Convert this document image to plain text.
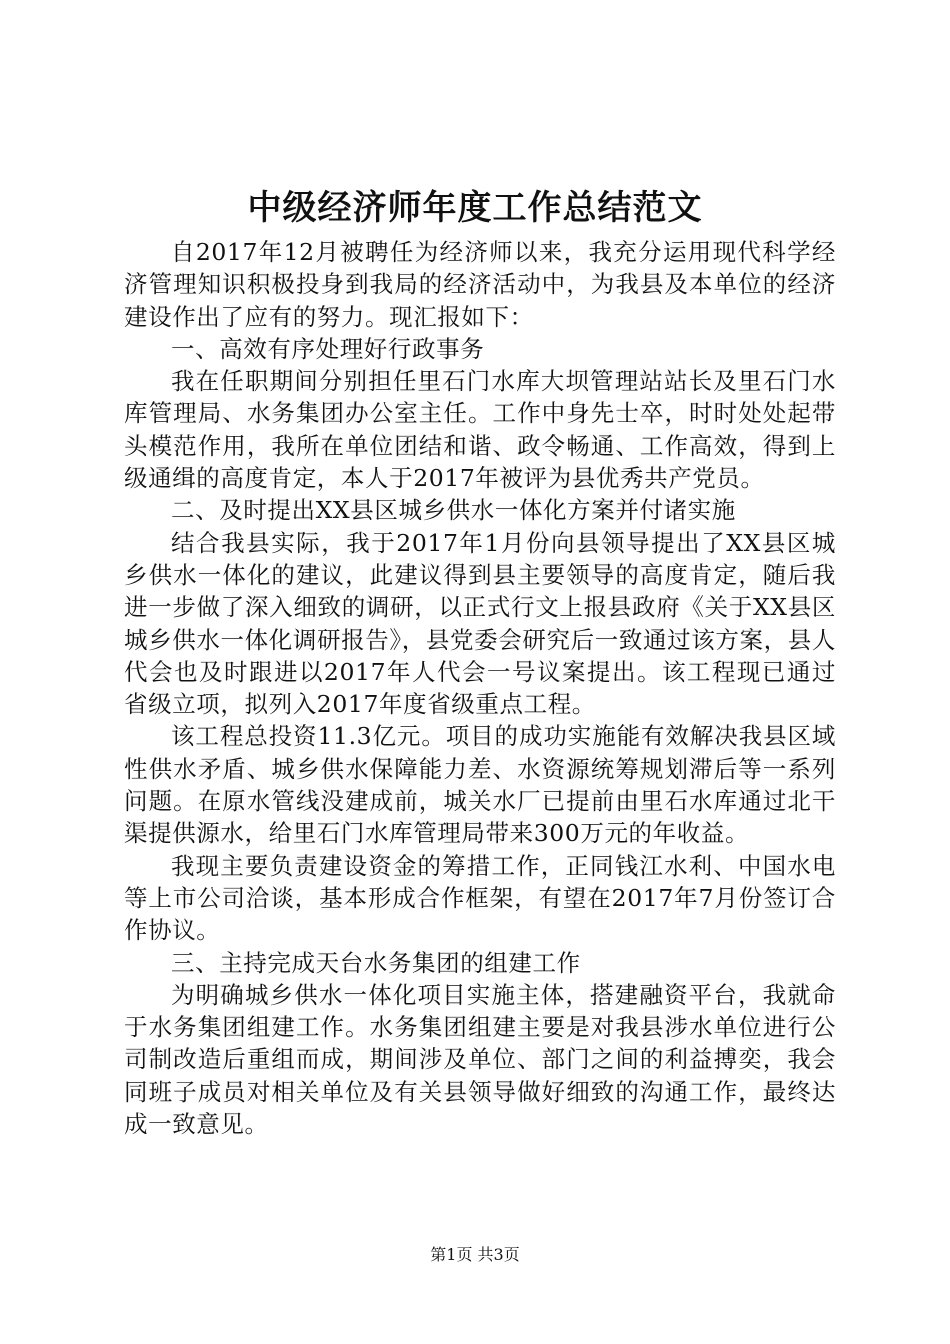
中级经济师年度工作总结范文

自2017年12月被聘任为经济师以来，我充分运用现代科学经济管理知识积极投身到我局的经济活动中，为我县及本单位的经济建设作出了应有的努力。现汇报如下：

一、高效有序处理好行政事务

我在任职期间分别担任里石门水库大坝管理站站长及里石门水库管理局、水务集团办公室主任。工作中身先士卒，时时处处起带头模范作用，我所在单位团结和谐、政令畅通、工作高效，得到上级通缉的高度肯定，本人于2017年被评为县优秀共产党员。

二、及时提出XX县区城乡供水一体化方案并付诸实施

结合我县实际，我于2017年1月份向县领导提出了XX县区城乡供水一体化的建议，此建议得到县主要领导的高度肯定，随后我进一步做了深入细致的调研，以正式行文上报县政府《关于XX县区城乡供水一体化调研报告》，县党委会研究后一致通过该方案，县人代会也及时跟进以2017年人代会一号议案提出。该工程现已通过省级立项，拟列入2017年度省级重点工程。

该工程总投资11.3亿元。项目的成功实施能有效解决我县区域性供水矛盾、城乡供水保障能力差、水资源统筹规划滞后等一系列问题。在原水管线没建成前，城关水厂已提前由里石水库通过北干渠提供源水，给里石门水库管理局带来300万元的年收益。

我现主要负责建设资金的筹措工作，正同钱江水利、中国水电等上市公司洽谈，基本形成合作框架，有望在2017年7月份签订合作协议。

三、主持完成天台水务集团的组建工作

为明确城乡供水一体化项目实施主体，搭建融资平台，我就命于水务集团组建工作。水务集团组建主要是对我县涉水单位进行公司制改造后重组而成，期间涉及单位、部门之间的利益搏奕，我会同班子成员对相关单位及有关县领导做好细致的沟通工作，最终达成一致意见。

第1页 共3页
